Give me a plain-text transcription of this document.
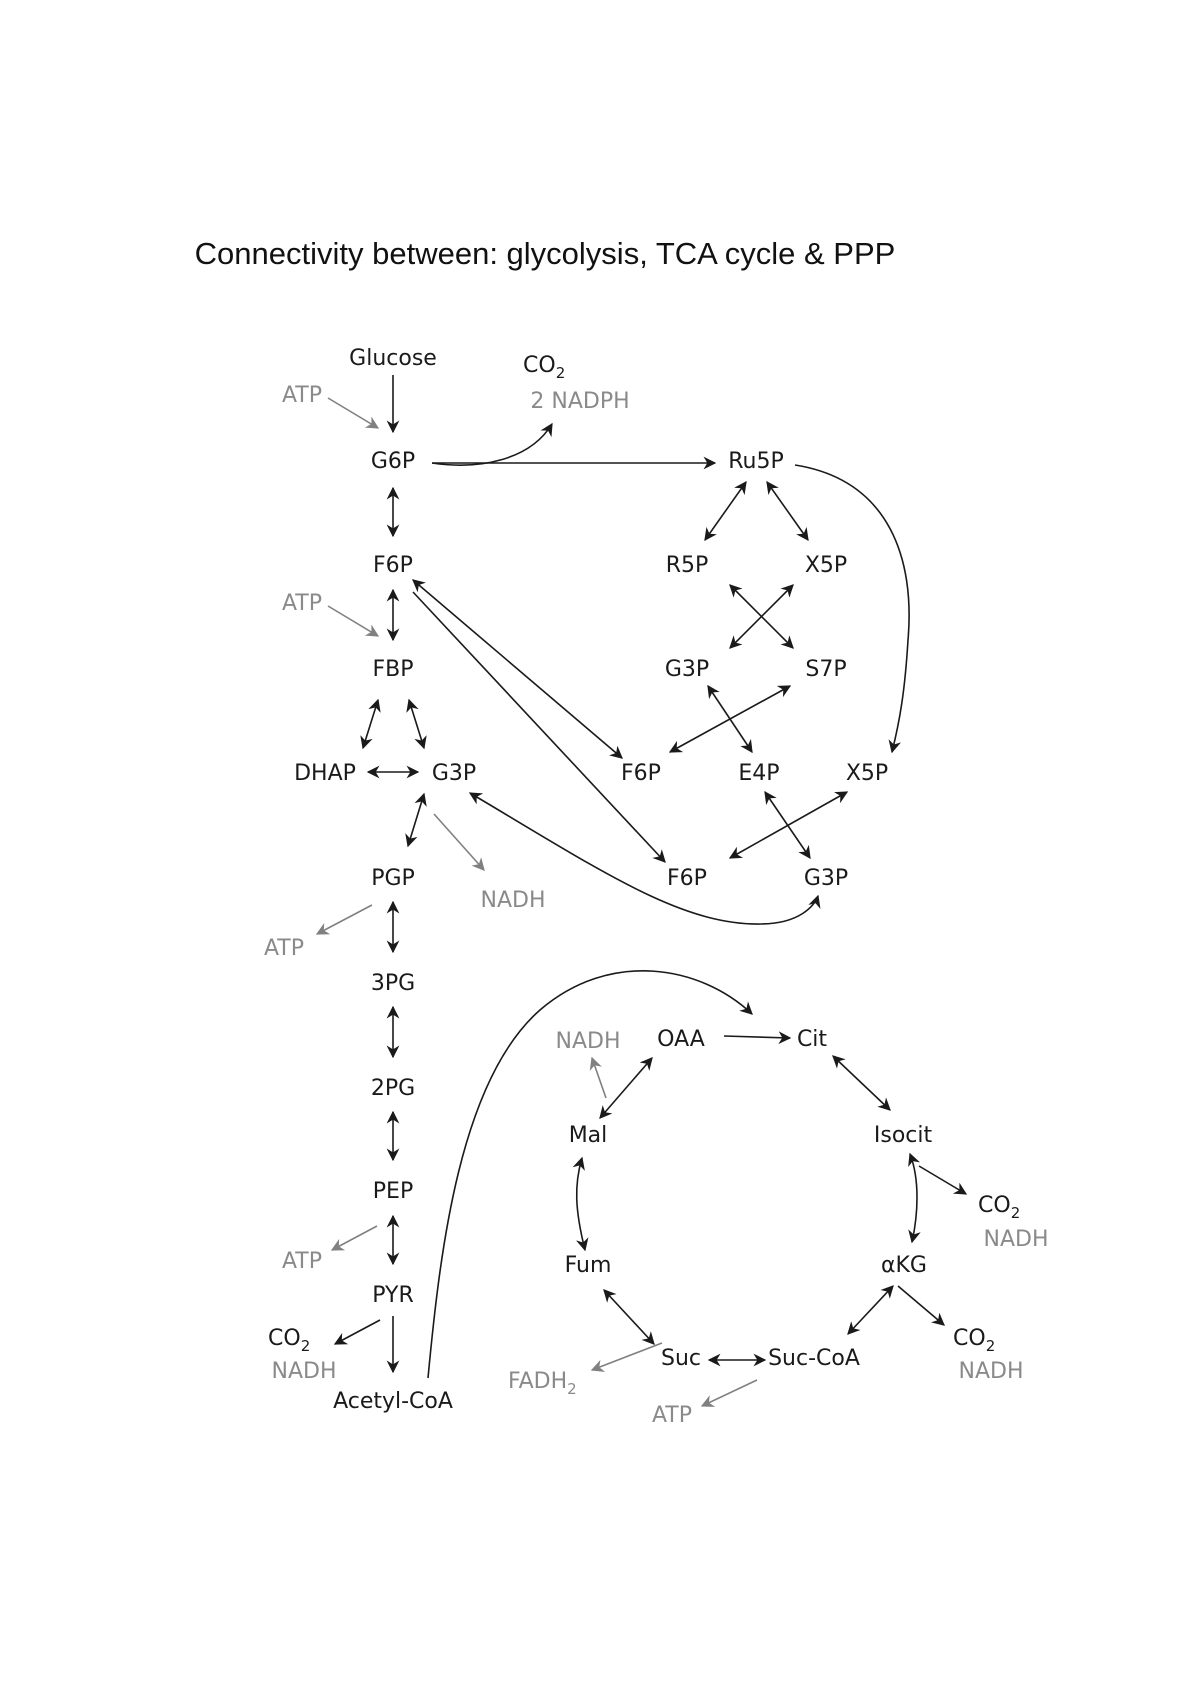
Connectivity between: glycolysis, TCA cycle & PPP
Glucose
ATP
G6P
F6P
ATP
FBP
DHAP	G3P
PGP
NADH
ATP
3PG
2PG
PEP
ATP
PYR
$CO_2$
NADH
Acetyl-CoA
$CO_2$
2 NADPH
Ru5P
R5P	X5P
G3P	S7P
F6P	E4P	X5P
F6P	G3P
NADH OAA	Cit
Mal	Isocit
$CO_2$
NADH
Fum	αKG
$CO_2$
NADH
Suc	Suc-CoA
$FADH_2$
ATP
